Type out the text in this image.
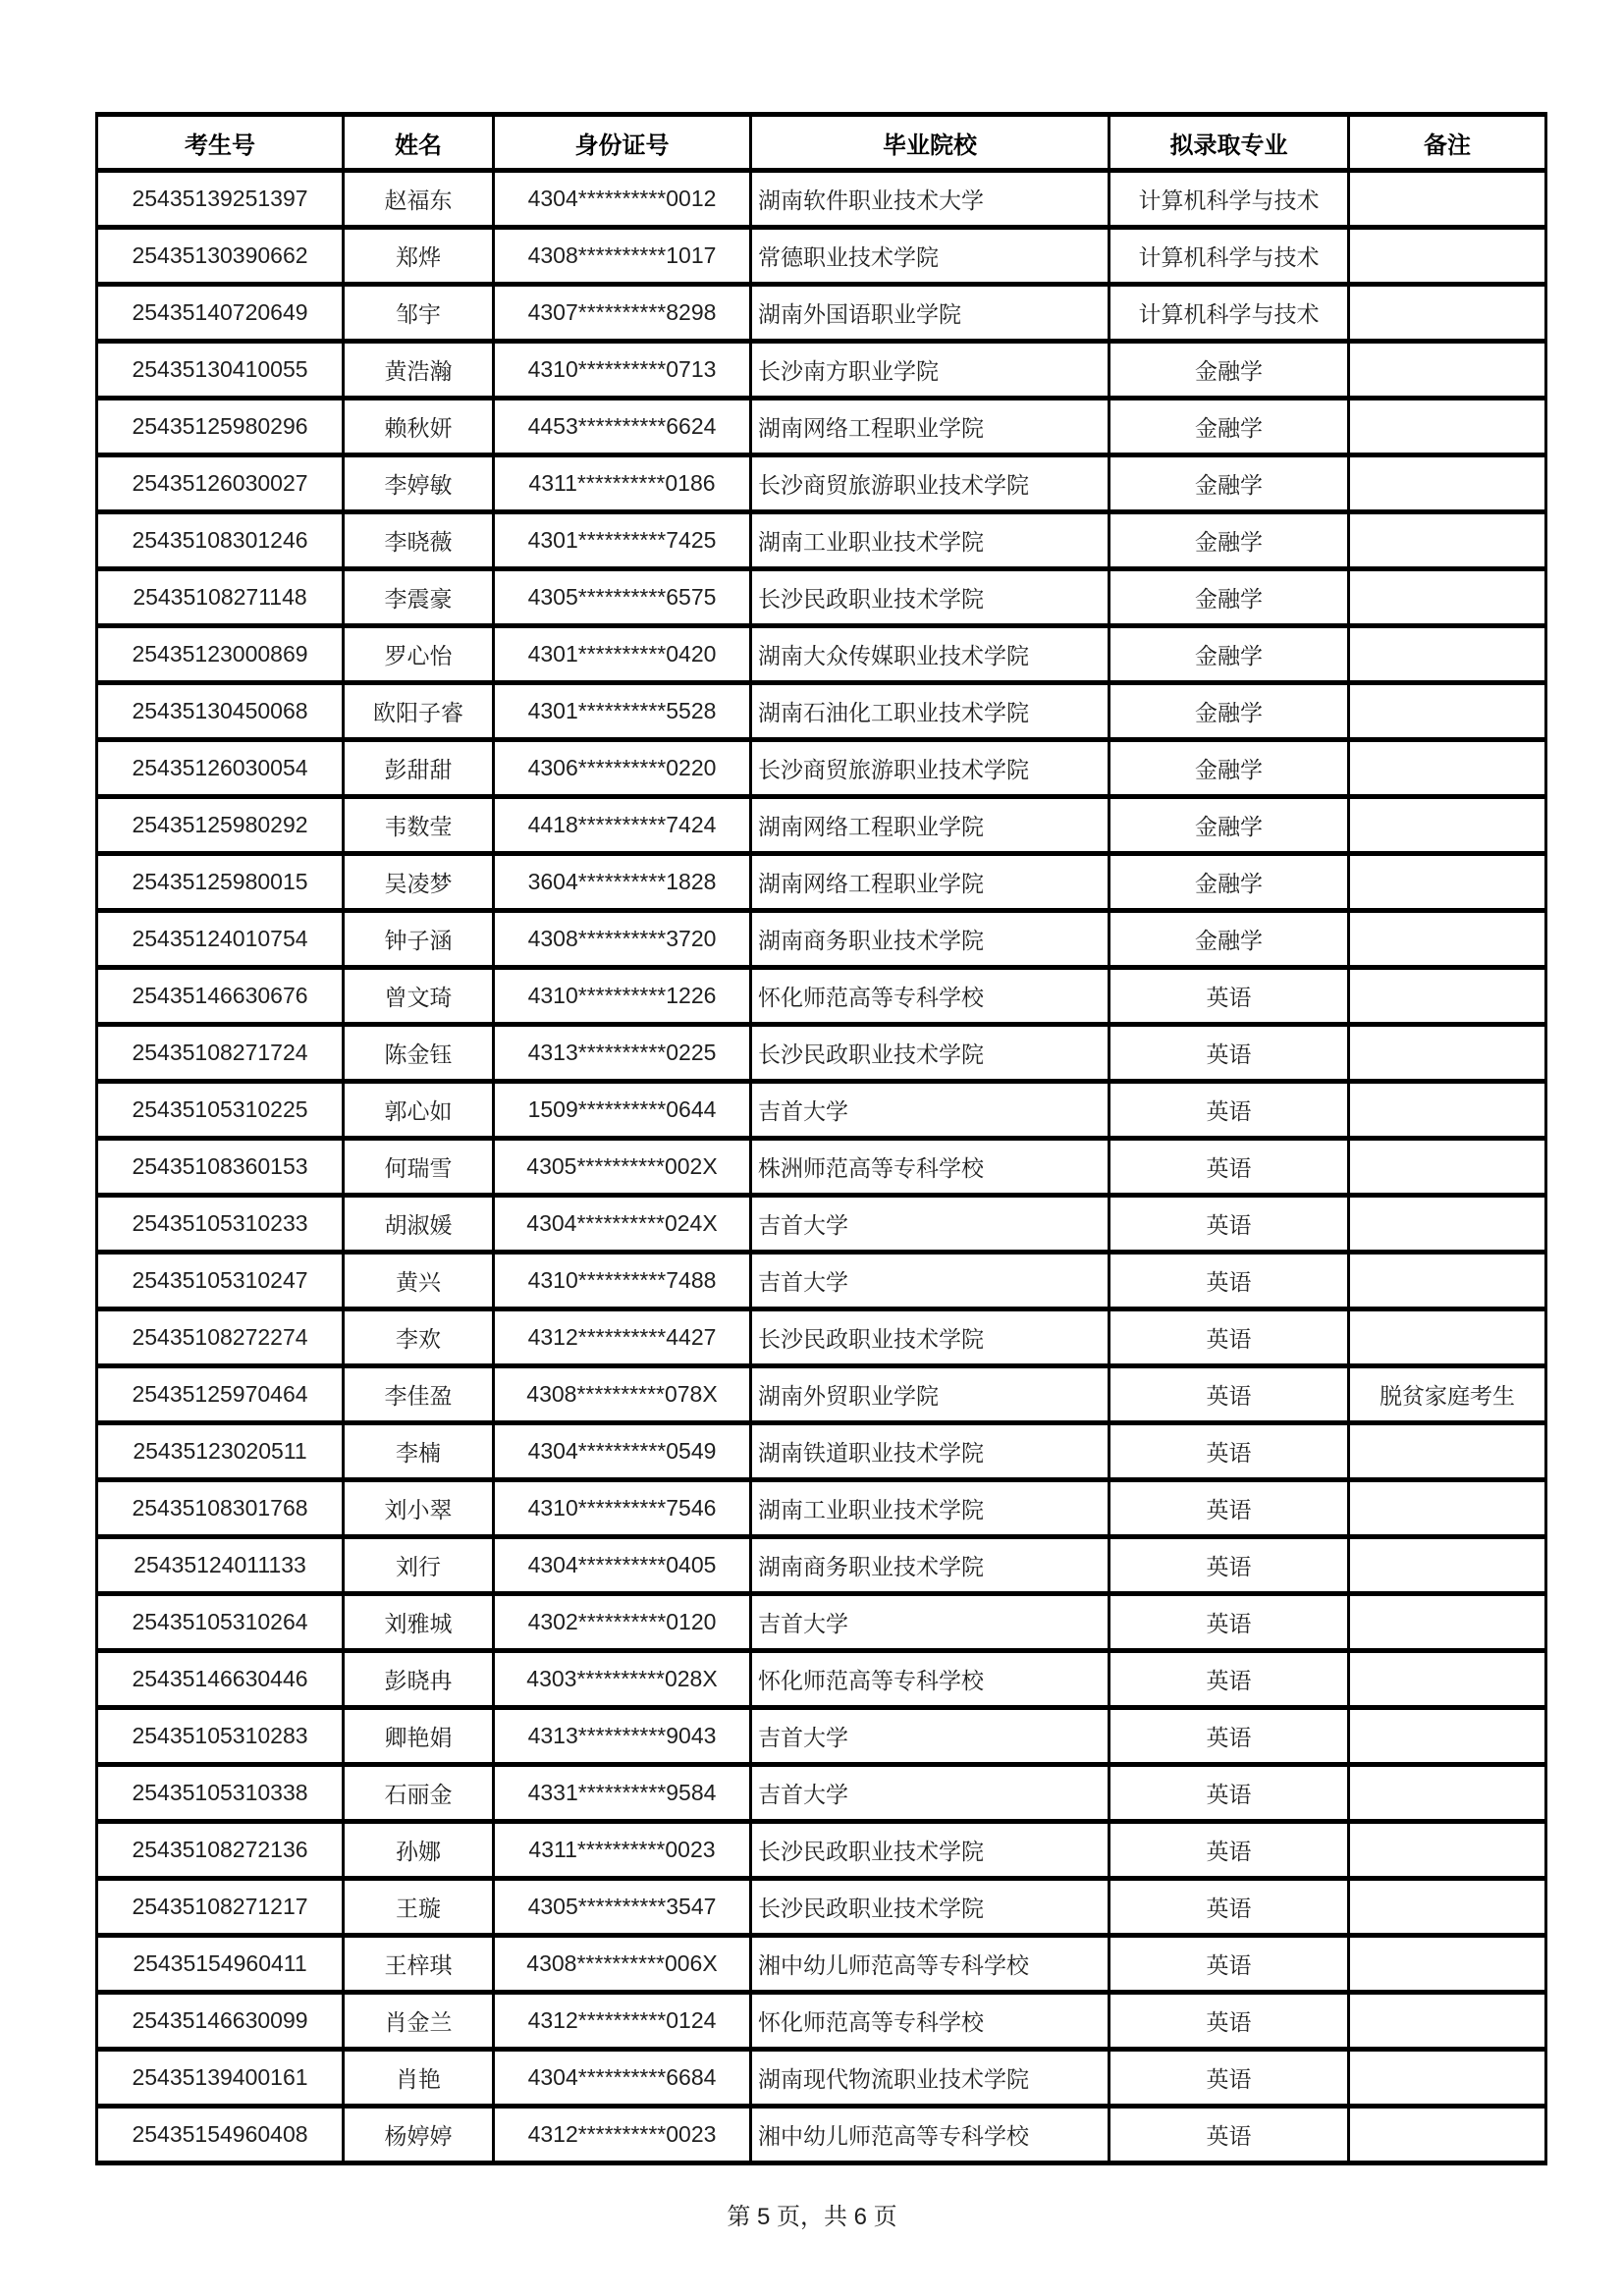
考生号	姓名	身份证号	毕业院校	拟录取专业	备注
25435139251397	赵福东	4304**********0012	湖南软件职业技术大学	计算机科学与技术	
25435130390662	郑烨	4308**********1017	常德职业技术学院	计算机科学与技术	
25435140720649	邹宇	4307**********8298	湖南外国语职业学院	计算机科学与技术	
25435130410055	黄浩瀚	4310**********0713	长沙南方职业学院	金融学	
25435125980296	赖秋妍	4453**********6624	湖南网络工程职业学院	金融学	
25435126030027	李婷敏	4311**********0186	长沙商贸旅游职业技术学院	金融学	
25435108301246	李晓薇	4301**********7425	湖南工业职业技术学院	金融学	
25435108271148	李震豪	4305**********6575	长沙民政职业技术学院	金融学	
25435123000869	罗心怡	4301**********0420	湖南大众传媒职业技术学院	金融学	
25435130450068	欧阳子睿	4301**********5528	湖南石油化工职业技术学院	金融学	
25435126030054	彭甜甜	4306**********0220	长沙商贸旅游职业技术学院	金融学	
25435125980292	韦数莹	4418**********7424	湖南网络工程职业学院	金融学	
25435125980015	吴凌梦	3604**********1828	湖南网络工程职业学院	金融学	
25435124010754	钟子涵	4308**********3720	湖南商务职业技术学院	金融学	
25435146630676	曾文琦	4310**********1226	怀化师范高等专科学校	英语	
25435108271724	陈金钰	4313**********0225	长沙民政职业技术学院	英语	
25435105310225	郭心如	1509**********0644	吉首大学	英语	
25435108360153	何瑞雪	4305**********002X	株洲师范高等专科学校	英语	
25435105310233	胡淑媛	4304**********024X	吉首大学	英语	
25435105310247	黄兴	4310**********7488	吉首大学	英语	
25435108272274	李欢	4312**********4427	长沙民政职业技术学院	英语	
25435125970464	李佳盈	4308**********078X	湖南外贸职业学院	英语	脱贫家庭考生
25435123020511	李楠	4304**********0549	湖南铁道职业技术学院	英语	
25435108301768	刘小翠	4310**********7546	湖南工业职业技术学院	英语	
25435124011133	刘行	4304**********0405	湖南商务职业技术学院	英语	
25435105310264	刘雅城	4302**********0120	吉首大学	英语	
25435146630446	彭晓冉	4303**********028X	怀化师范高等专科学校	英语	
25435105310283	卿艳娟	4313**********9043	吉首大学	英语	
25435105310338	石丽金	4331**********9584	吉首大学	英语	
25435108272136	孙娜	4311**********0023	长沙民政职业技术学院	英语	
25435108271217	王璇	4305**********3547	长沙民政职业技术学院	英语	
25435154960411	王梓琪	4308**********006X	湘中幼儿师范高等专科学校	英语	
25435146630099	肖金兰	4312**********0124	怀化师范高等专科学校	英语	
25435139400161	肖艳	4304**********6684	湖南现代物流职业技术学院	英语	
25435154960408	杨婷婷	4312**********0023	湘中幼儿师范高等专科学校	英语	
第 5 页，共 6 页
